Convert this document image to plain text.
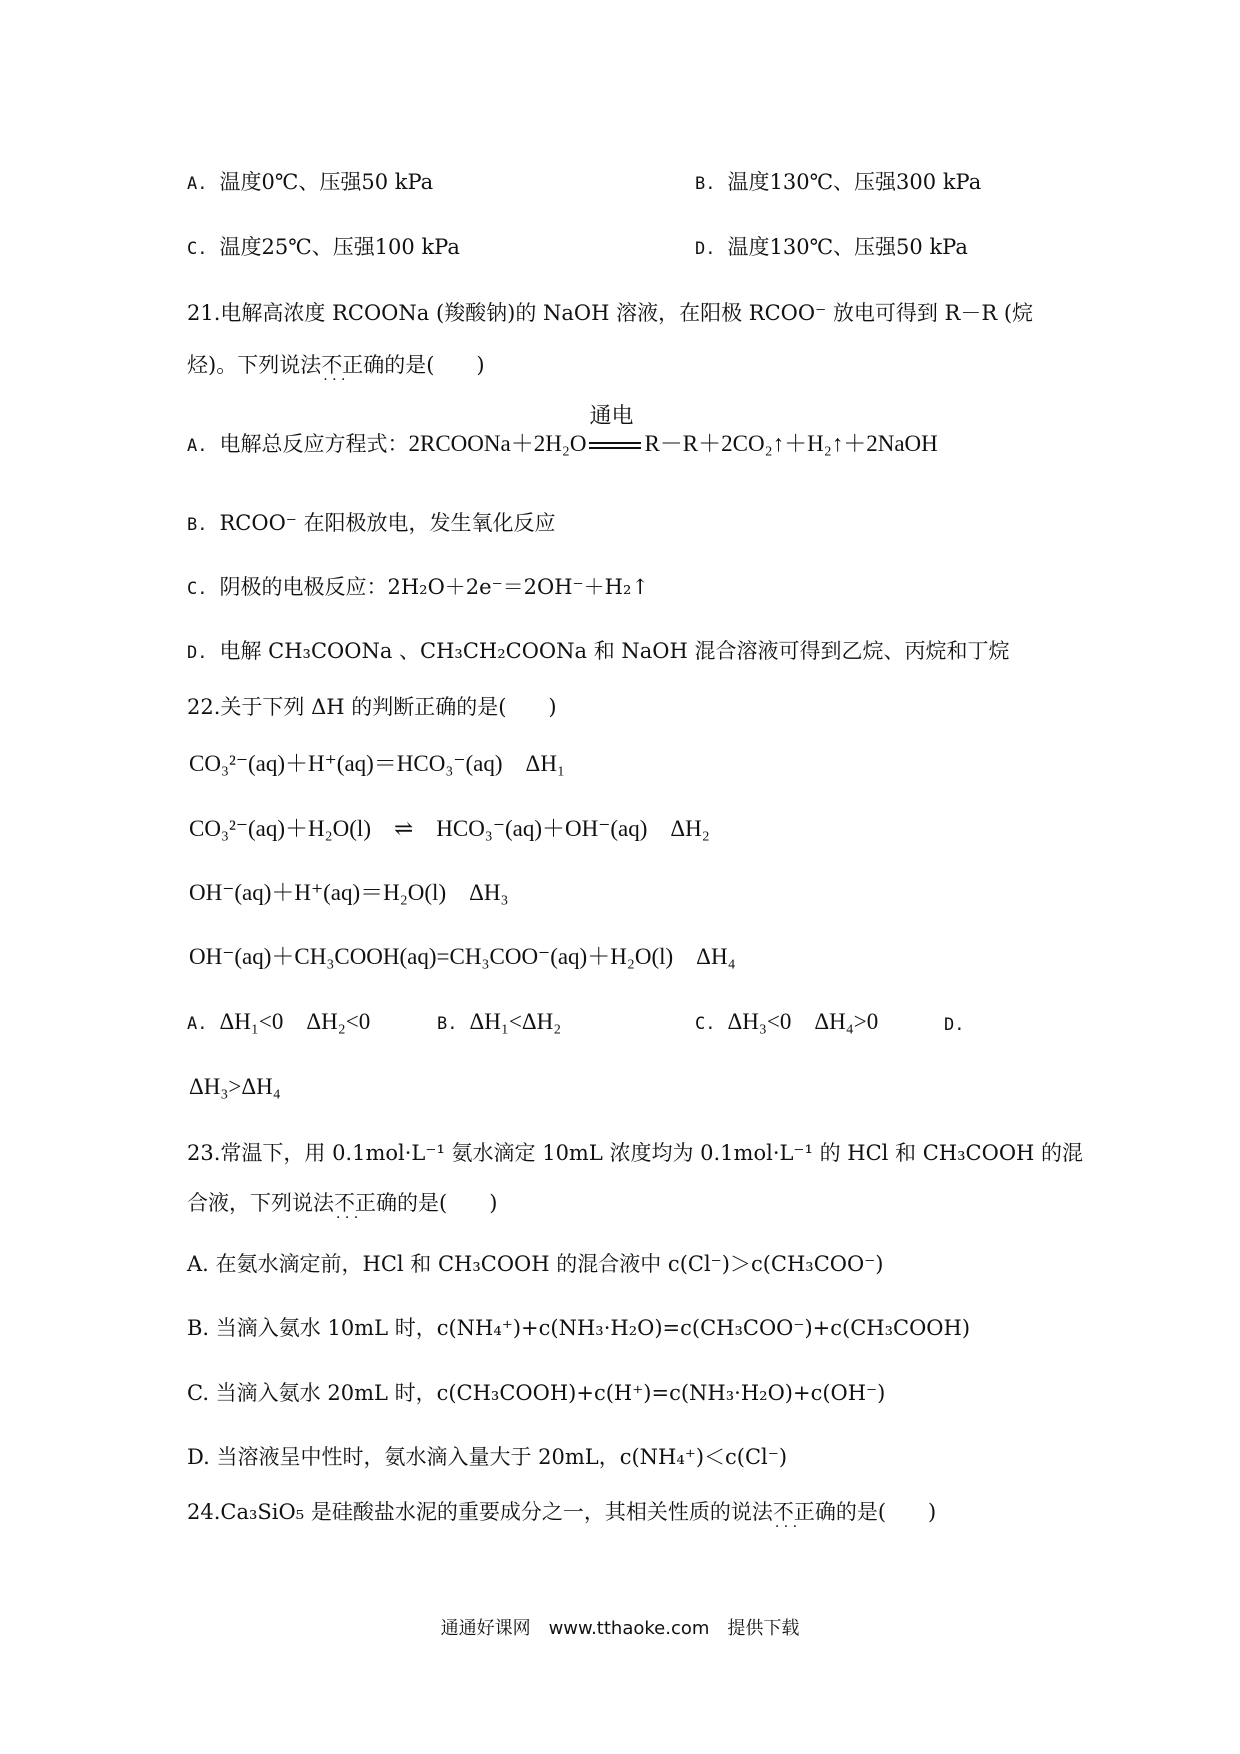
A. 温度0℃、压强50 kPa	B. 温度130℃、压强300 kPa
C. 温度25℃、压强100 kPa	D. 温度130℃、压强50 kPa
21.电解高浓度 RCOONa (羧酸钠)的 NaOH 溶液，在阳极 RCOO⁻ 放电可得到 R－R (烷
烃)。下列说法不正确 · · ·的是(　　)
A. 电解总反应方程式：2RCOONa＋2H₂O
通电
R－R＋2CO₂↑＋H₂↑＋2NaOH
B. RCOO⁻ 在阳极放电，发生氧化反应
C. 阴极的电极反应：2H₂O＋2e⁻＝2OH⁻＋H₂↑
D. 电解 CH₃COONa 、CH₃CH₂COONa 和 NaOH 混合溶液可得到乙烷、丙烷和丁烷
22.关于下列 ΔH 的判断正确的是(　　)
CO₃²⁻(aq)＋H⁺(aq)＝HCO₃⁻(aq)　ΔH₁
CO₃²⁻(aq)＋H₂O(l)　⇌　HCO₃⁻(aq)＋OH⁻(aq)　ΔH₂
OH⁻(aq)＋H⁺(aq)＝H₂O(l)　ΔH₃
OH⁻(aq)＋CH₃COOH(aq)=CH₃COO⁻(aq)＋H₂O(l)　ΔH₄
A. ΔH₁<0　ΔH₂<0	B. ΔH₁<ΔH₂	C. ΔH₃<0　ΔH₄>0	D.
ΔH₃>ΔH₄
23.常温下，用 0.1mol·L⁻¹ 氨水滴定 10mL 浓度均为 0.1mol·L⁻¹ 的 HCl 和 CH₃COOH 的混
合液，下列说法不正确 · · ·的是(　　)
A. 在氨水滴定前，HCl 和 CH₃COOH 的混合液中 c(Cl⁻)＞c(CH₃COO⁻)
B. 当滴入氨水 10mL 时，c(NH₄⁺)+c(NH₃·H₂O)=c(CH₃COO⁻)+c(CH₃COOH)
C. 当滴入氨水 20mL 时，c(CH₃COOH)+c(H⁺)=c(NH₃·H₂O)+c(OH⁻)
D. 当溶液呈中性时，氨水滴入量大于 20mL，c(NH₄⁺)＜c(Cl⁻)
24.Ca₃SiO₅ 是硅酸盐水泥的重要成分之一，其相关性质的说法不正确 · · ·的是(　　)
通通好课网　www.tthaoke.com　提供下载
